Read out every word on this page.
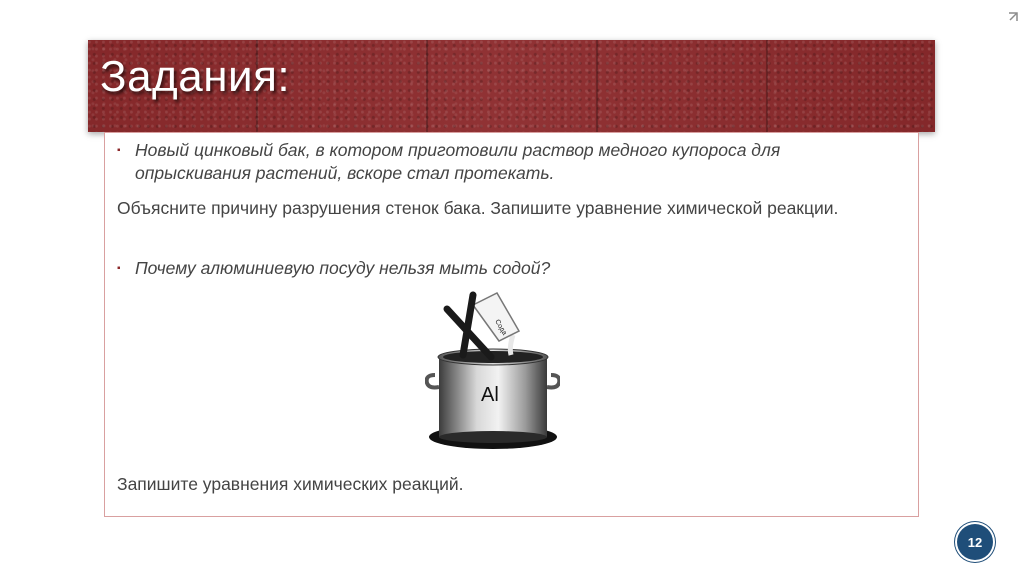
Задания:
▪ Новый цинковый бак, в котором приготовили раствор медного купороса для опрыскивания растений, вскоре стал протекать.
Объясните причину разрушения стенок бака. Запишите уравнение химической реакции.
▪ Почему алюминиевую посуду нельзя мыть содой?
Сода
Al
Запишите уравнения химических реакций.
12
